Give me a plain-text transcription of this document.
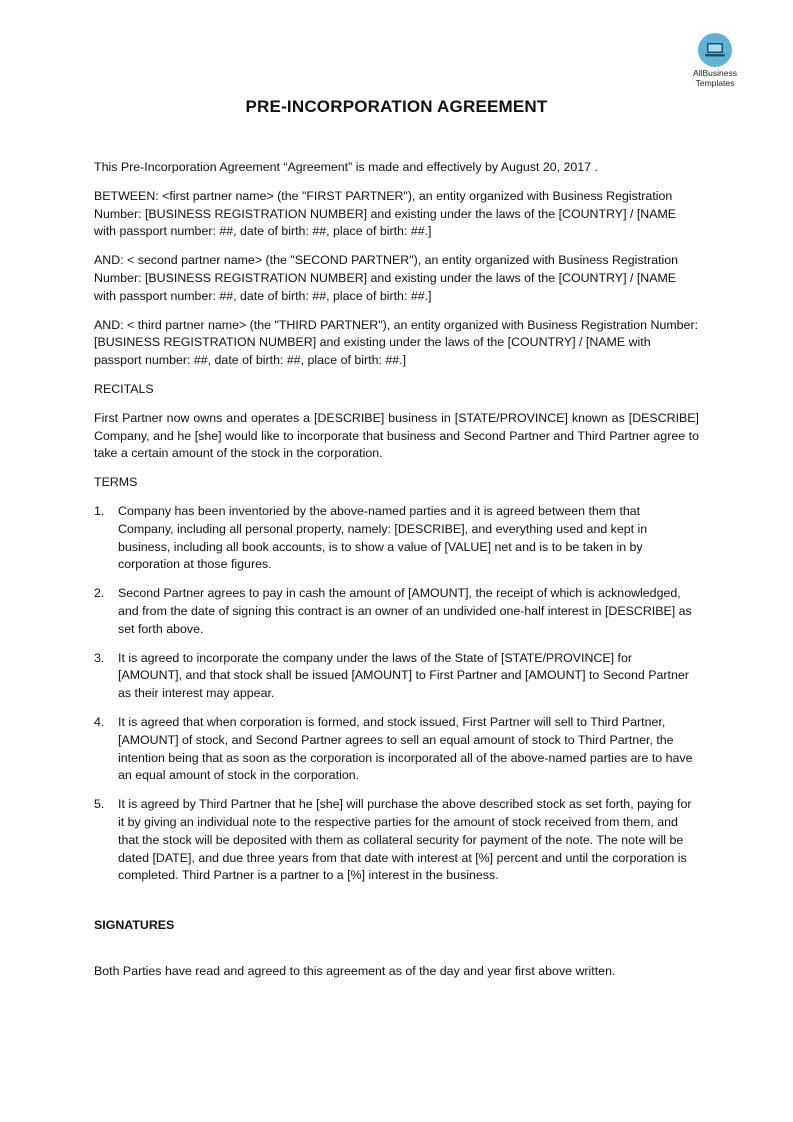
AllBusiness
Templates
PRE-INCORPORATION AGREEMENT

This Pre-Incorporation Agreement “Agreement” is made and effectively by August 20, 2017 .

BETWEEN: <first partner name> (the "FIRST PARTNER"), an entity organized with Business Registration Number: [BUSINESS REGISTRATION NUMBER] and existing under the laws of the [COUNTRY] / [NAME with passport number: ##, date of birth: ##, place of birth: ##.]

AND: < second partner name> (the "SECOND PARTNER"), an entity organized with Business Registration Number: [BUSINESS REGISTRATION NUMBER] and existing under the laws of the [COUNTRY] / [NAME with passport number: ##, date of birth: ##, place of birth: ##.]

AND: < third partner name> (the "THIRD PARTNER"), an entity organized with Business Registration Number: [BUSINESS REGISTRATION NUMBER] and existing under the laws of the [COUNTRY] / [NAME with passport number: ##, date of birth: ##, place of birth: ##.]

RECITALS

First Partner now owns and operates a [DESCRIBE] business in [STATE/PROVINCE] known as [DESCRIBE] Company, and he [she] would like to incorporate that business and Second Partner and Third Partner agree to take a certain amount of the stock in the corporation.

TERMS

1. Company has been inventoried by the above-named parties and it is agreed between them that Company, including all personal property, namely: [DESCRIBE], and everything used and kept in business, including all book accounts, is to show a value of [VALUE] net and is to be taken in by corporation at those figures.
2. Second Partner agrees to pay in cash the amount of [AMOUNT], the receipt of which is acknowledged, and from the date of signing this contract is an owner of an undivided one-half interest in [DESCRIBE] as set forth above.
3. It is agreed to incorporate the company under the laws of the State of [STATE/PROVINCE] for [AMOUNT], and that stock shall be issued [AMOUNT] to First Partner and [AMOUNT] to Second Partner as their interest may appear.
4. It is agreed that when corporation is formed, and stock issued, First Partner will sell to Third Partner, [AMOUNT] of stock, and Second Partner agrees to sell an equal amount of stock to Third Partner, the intention being that as soon as the corporation is incorporated all of the above-named parties are to have an equal amount of stock in the corporation.
5. It is agreed by Third Partner that he [she] will purchase the above described stock as set forth, paying for it by giving an individual note to the respective parties for the amount of stock received from them, and that the stock will be deposited with them as collateral security for payment of the note. The note will be dated [DATE], and due three years from that date with interest at [%] percent and until the corporation is completed. Third Partner is a partner to a [%] interest in the business.

SIGNATURES

Both Parties have read and agreed to this agreement as of the day and year first above written.
